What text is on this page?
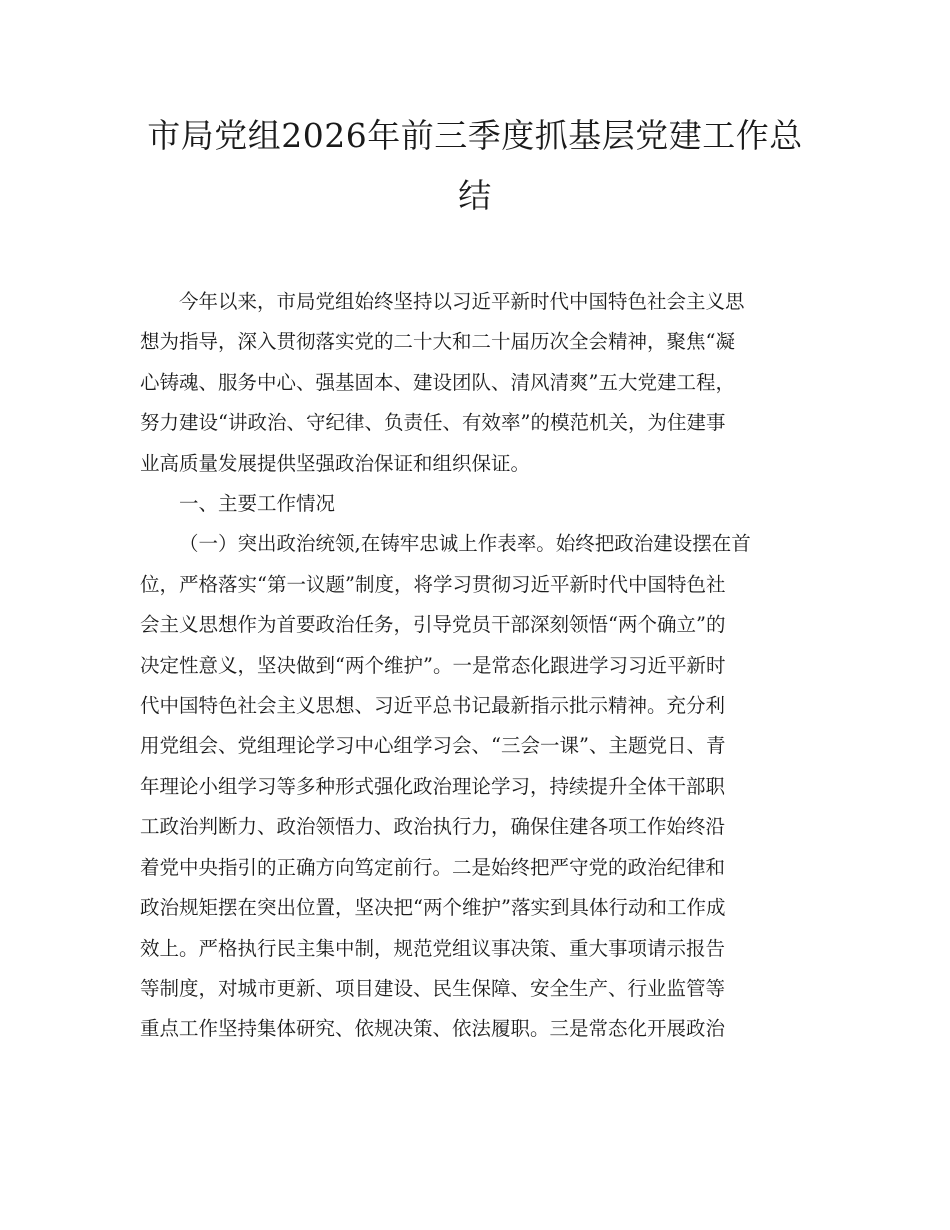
市局党组2026年前三季度抓基层党建工作总
结

今年以来，市局党组始终坚持以习近平新时代中国特色社会主义思
想为指导，深入贯彻落实党的二十大和二十届历次全会精神，聚焦“凝
心铸魂、服务中心、强基固本、建设团队、清风清爽”五大党建工程，
努力建设“讲政治、守纪律、负责任、有效率”的模范机关，为住建事
业高质量发展提供坚强政治保证和组织保证。

一、主要工作情况

（一）突出政治统领,在铸牢忠诚上作表率。始终把政治建设摆在首
位，严格落实“第一议题”制度，将学习贯彻习近平新时代中国特色社
会主义思想作为首要政治任务，引导党员干部深刻领悟“两个确立”的
决定性意义，坚决做到“两个维护”。一是常态化跟进学习习近平新时
代中国特色社会主义思想、习近平总书记最新指示批示精神。充分利
用党组会、党组理论学习中心组学习会、“三会一课”、主题党日、青
年理论小组学习等多种形式强化政治理论学习，持续提升全体干部职
工政治判断力、政治领悟力、政治执行力，确保住建各项工作始终沿
着党中央指引的正确方向笃定前行。二是始终把严守党的政治纪律和
政治规矩摆在突出位置，坚决把“两个维护”落实到具体行动和工作成
效上。严格执行民主集中制，规范党组议事决策、重大事项请示报告
等制度，对城市更新、项目建设、民生保障、安全生产、行业监管等
重点工作坚持集体研究、依规决策、依法履职。三是常态化开展政治
